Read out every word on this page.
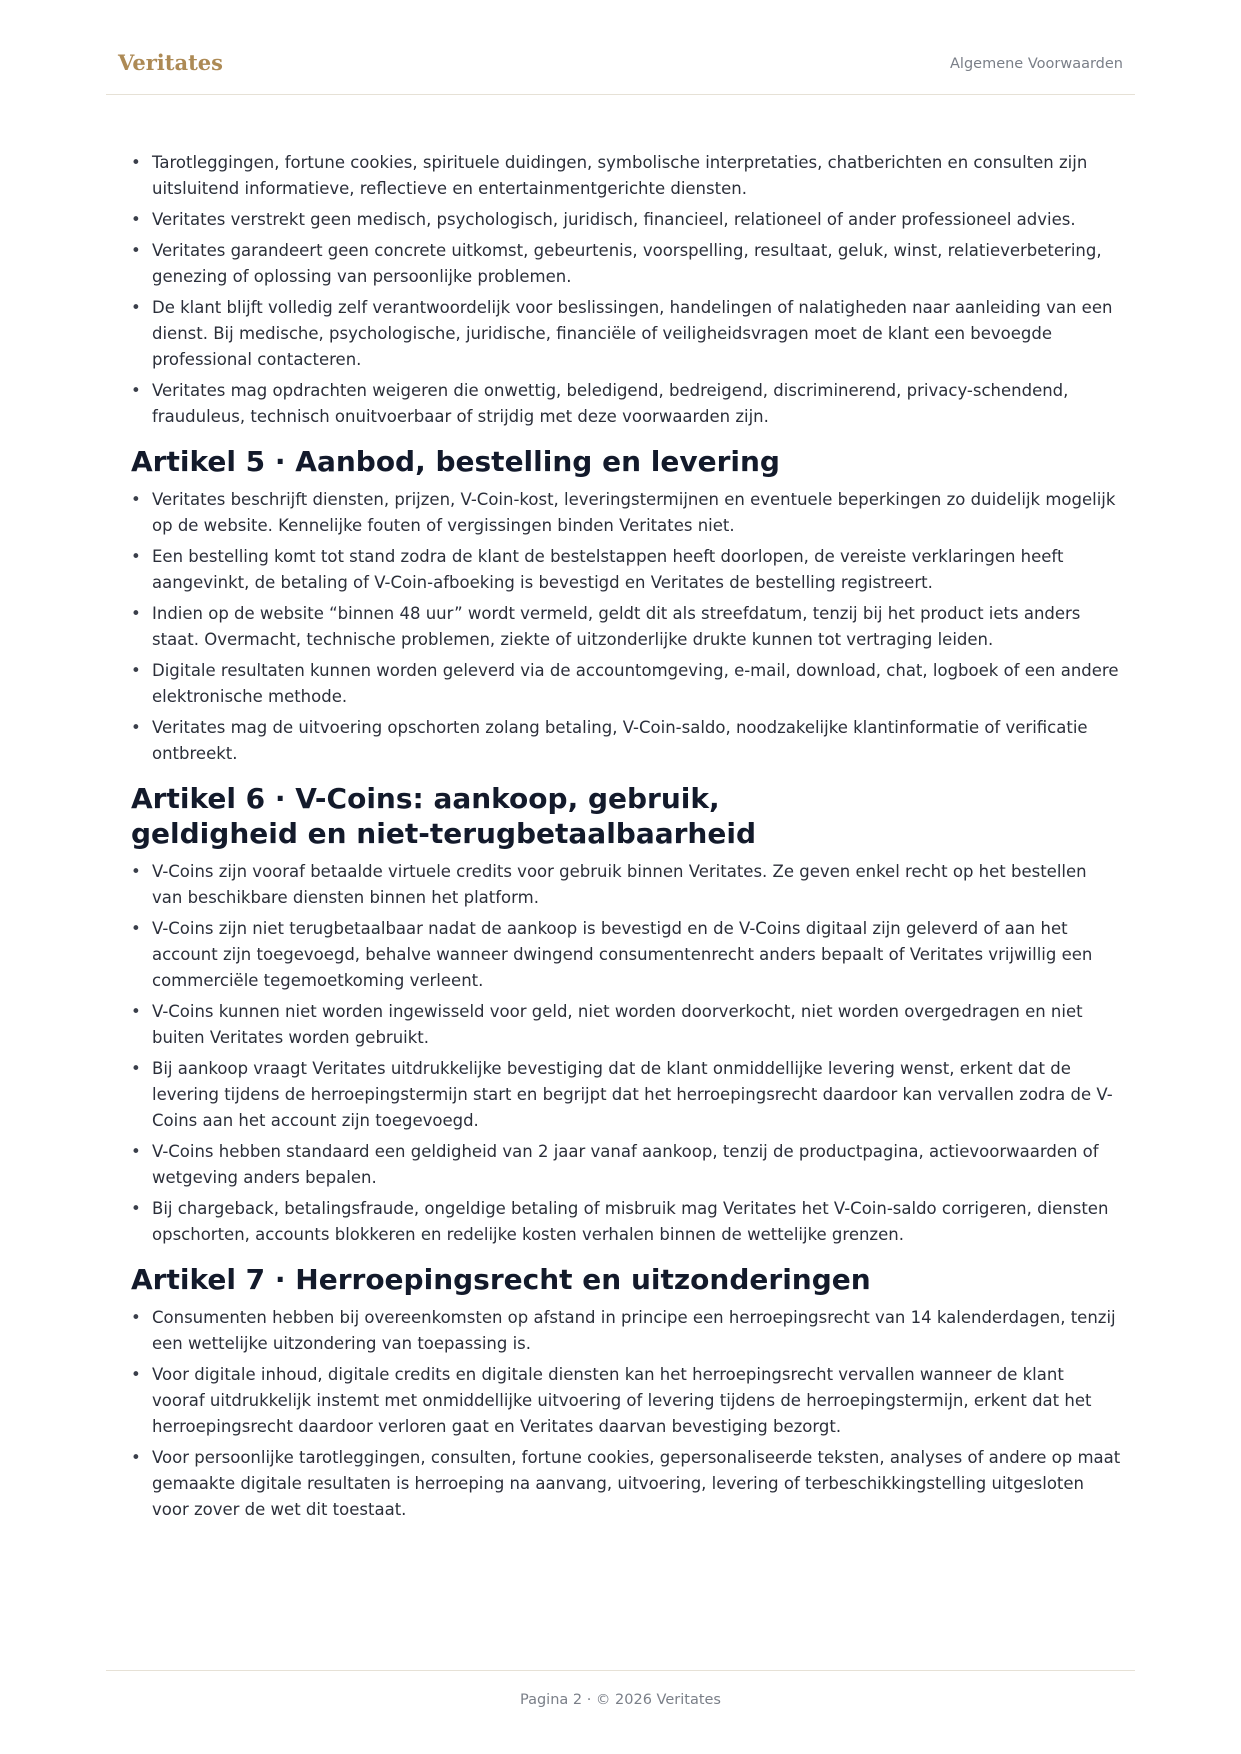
Veritates	Algemene Voorwaarden
• Tarotleggingen, fortune cookies, spirituele duidingen, symbolische interpretaties, chatberichten en consulten zijn uitsluitend informatieve, reflectieve en entertainmentgerichte diensten.
• Veritates verstrekt geen medisch, psychologisch, juridisch, financieel, relationeel of ander professioneel advies.
• Veritates garandeert geen concrete uitkomst, gebeurtenis, voorspelling, resultaat, geluk, winst, relatieverbetering, genezing of oplossing van persoonlijke problemen.
• De klant blijft volledig zelf verantwoordelijk voor beslissingen, handelingen of nalatigheden naar aanleiding van een dienst. Bij medische, psychologische, juridische, financiële of veiligheidsvragen moet de klant een bevoegde professional contacteren.
• Veritates mag opdrachten weigeren die onwettig, beledigend, bedreigend, discriminerend, privacy-schendend, frauduleus, technisch onuitvoerbaar of strijdig met deze voorwaarden zijn.
Artikel 5 · Aanbod, bestelling en levering
• Veritates beschrijft diensten, prijzen, V-Coin-kost, leveringstermijnen en eventuele beperkingen zo duidelijk mogelijk op de website. Kennelijke fouten of vergissingen binden Veritates niet.
• Een bestelling komt tot stand zodra de klant de bestelstappen heeft doorlopen, de vereiste verklaringen heeft aangevinkt, de betaling of V-Coin-afboeking is bevestigd en Veritates de bestelling registreert.
• Indien op de website “binnen 48 uur” wordt vermeld, geldt dit als streefdatum, tenzij bij het product iets anders staat. Overmacht, technische problemen, ziekte of uitzonderlijke drukte kunnen tot vertraging leiden.
• Digitale resultaten kunnen worden geleverd via de accountomgeving, e-mail, download, chat, logboek of een andere elektronische methode.
• Veritates mag de uitvoering opschorten zolang betaling, V-Coin-saldo, noodzakelijke klantinformatie of verificatie ontbreekt.
Artikel 6 · V-Coins: aankoop, gebruik, geldigheid en niet-terugbetaalbaarheid
• V-Coins zijn vooraf betaalde virtuele credits voor gebruik binnen Veritates. Ze geven enkel recht op het bestellen van beschikbare diensten binnen het platform.
• V-Coins zijn niet terugbetaalbaar nadat de aankoop is bevestigd en de V-Coins digitaal zijn geleverd of aan het account zijn toegevoegd, behalve wanneer dwingend consumentenrecht anders bepaalt of Veritates vrijwillig een commerciële tegemoetkoming verleent.
• V-Coins kunnen niet worden ingewisseld voor geld, niet worden doorverkocht, niet worden overgedragen en niet buiten Veritates worden gebruikt.
• Bij aankoop vraagt Veritates uitdrukkelijke bevestiging dat de klant onmiddellijke levering wenst, erkent dat de levering tijdens de herroepingstermijn start en begrijpt dat het herroepingsrecht daardoor kan vervallen zodra de V-Coins aan het account zijn toegevoegd.
• V-Coins hebben standaard een geldigheid van 2 jaar vanaf aankoop, tenzij de productpagina, actievoorwaarden of wetgeving anders bepalen.
• Bij chargeback, betalingsfraude, ongeldige betaling of misbruik mag Veritates het V-Coin-saldo corrigeren, diensten opschorten, accounts blokkeren en redelijke kosten verhalen binnen de wettelijke grenzen.
Artikel 7 · Herroepingsrecht en uitzonderingen
• Consumenten hebben bij overeenkomsten op afstand in principe een herroepingsrecht van 14 kalenderdagen, tenzij een wettelijke uitzondering van toepassing is.
• Voor digitale inhoud, digitale credits en digitale diensten kan het herroepingsrecht vervallen wanneer de klant vooraf uitdrukkelijk instemt met onmiddellijke uitvoering of levering tijdens de herroepingstermijn, erkent dat het herroepingsrecht daardoor verloren gaat en Veritates daarvan bevestiging bezorgt.
• Voor persoonlijke tarotleggingen, consulten, fortune cookies, gepersonaliseerde teksten, analyses of andere op maat gemaakte digitale resultaten is herroeping na aanvang, uitvoering, levering of terbeschikkingstelling uitgesloten voor zover de wet dit toestaat.
Pagina 2 · © 2026 Veritates
